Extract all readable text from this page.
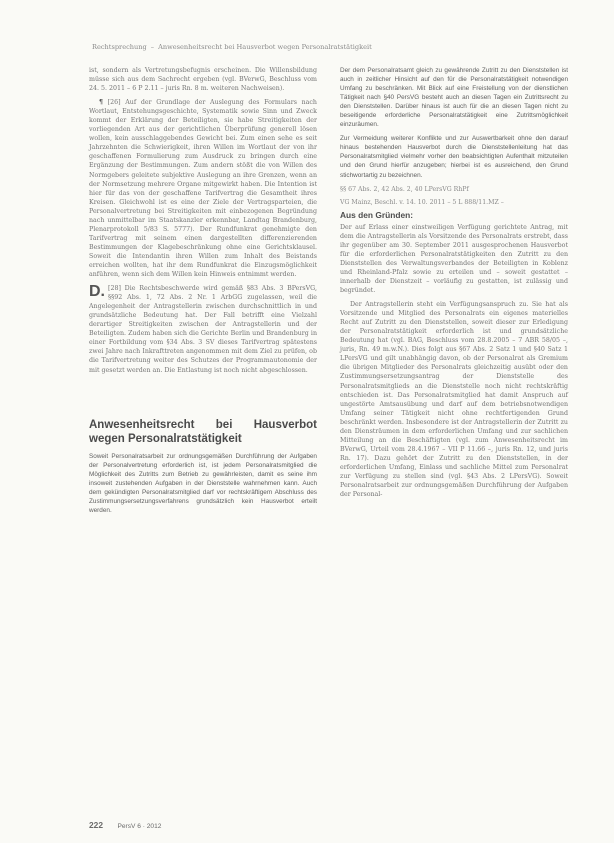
Rechtsprechung – Anwesenheitsrecht bei Hausverbot wegen Personalratstätigkeit

ist, sondern als Vertretungsbefugnis erscheinen. Die Willensbildung müsse sich aus dem Sachrecht ergeben (vgl. BVerwG, Beschluss vom 24. 5. 2011 – 6 P 2.11 – juris Rn. 8 m. weiteren Nachweisen).

¶ [26] Auf der Grundlage der Auslegung des Formulars nach Wortlaut, Entstehungsgeschichte, Systematik sowie Sinn und Zweck kommt der Erklärung der Beteiligten, sie habe Streitigkeiten der vorliegenden Art aus der gerichtlichen Überprüfung generell lösen wollen, kein ausschlaggebendes Gewicht bei. Zum einen sehe es seit Jahrzehnten die Schwierigkeit, ihren Willen im Wortlaut der von ihr geschaffenen Formulierung zum Ausdruck zu bringen durch eine Ergänzung der Bestimmungen. Zum andern stößt die von Willen des Normgebers geleitete subjektive Auslegung an ihre Grenzen, wenn an der Normsetzung mehrere Organe mitgewirkt haben. Die Intention ist hier für das von der geschaffene Tarifvertrag die Gesamtheit ihres Kreisen. Gleichwohl ist es eine der Ziele der Vertragsparteien, die Personalvertretung bei Streitigkeiten mit einbezogenen Begründung nach unmittelbar im Staatskanzler erkennbar, Landtag Brandenburg, Plenarprotokoll 5/83 S. 5777). Der Rundfunkrat genehmigte den Tarifvertrag mit seinem einen dargestellten differenzierenden Bestimmungen der Klagebeschränkung ohne eine Gerichtsklausel. Soweit die Intendantin ihren Willen zum Inhalt des Beistands erreichen wollten, hat ihr dem Rundfunkrat die Einzugsmöglichkeit anführen, wenn sich dem Willen kein Hinweis entnimmt werden.

D. [28] Die Rechtsbeschwerde wird gemäß §83 Abs. 3 BPersVG, §§92 Abs. 1, 72 Abs. 2 Nr. 1 ArbGG zugelassen, weil die Angelegenheit der Antragstellerin zwischen durchschnittlich in und grundsätzliche Bedeutung hat. Der Fall betrifft eine Vielzahl derartiger Streitigkeiten zwischen der Antragstellerin und der Beteiligten. Zudem haben sich die Gerichte Berlin und Brandenburg in einer Fortbildung vom §34 Abs. 3 SV dieses Tarifvertrag spätestens zwei Jahre nach Inkrafttreten angenommen mit dem Ziel zu prüfen, ob die Tarifvertretung weiter des Schutzes der Programmautonomie der mit gesetzt werden an. Die Entlastung ist noch nicht abgeschlossen.

Anwesenheitsrecht bei Hausverbot wegen Personalratstätigkeit

Soweit Personalratsarbeit zur ordnungsgemäßen Durchführung der Aufgaben der Personalvertretung erforderlich ist, ist jedem Personalratsmitglied die Möglichkeit des Zutritts zum Betrieb zu gewährleisten, damit es seine ihm insoweit zustehenden Aufgaben in der Dienststelle wahrnehmen kann. Auch dem gekündigten Personalratsmitglied darf vor rechtskräftigem Abschluss des Zustimmungsersetzungsverfahrens grundsätzlich kein Hausverbot erteilt werden.

Der dem Personalratsamt gleich zu gewährende Zutritt zu den Dienststellen ist auch in zeitlicher Hinsicht auf den für die Personalratstätigkeit notwendigen Umfang zu beschränken. Mit Blick auf eine Freistellung von der dienstlichen Tätigkeit nach §40 PersVG besteht auch an diesen Tagen ein Zutrittsrecht zu den Dienststellen. Darüber hinaus ist auch für die an diesen Tagen nicht zu beseitigende erforderliche Personalratstätigkeit eine Zutrittsmöglichkeit einzuräumen.

Zur Vermeidung weiterer Konflikte und zur Auswertbarkeit ohne den darauf hinaus bestehenden Hausverbot durch die Dienststellenleitung hat das Personalratsmitglied vielmehr vorher den beabsichtigten Aufenthalt mitzuteilen und den Grund hierfür anzugeben; hierbei ist es ausreichend, den Grund stichwortartig zu bezeichnen.

§§ 67 Abs. 2, 42 Abs. 2, 40 LPersVG RhPf
VG Mainz, Beschl. v. 14. 10. 2011 – 5 L 888/11.MZ –
Aus den Gründen:

Der auf Erlass einer einstweiligen Verfügung gerichtete Antrag, mit dem die Antragstellerin als Vorsitzende des Personalrats erstrebt, dass ihr gegenüber am 30. September 2011 ausgesprochenen Hausverbot für die erforderlichen Personalratstätigkeiten den Zutritt zu den Dienststellen des Verwaltungsverbandes der Beteiligten in Koblenz und Rheinland-Pfalz sowie zu erteilen und – soweit gestattet – innerhalb der Dienstzeit – vorläufig zu gestatten, ist zulässig und begründet.

Der Antragstellerin steht ein Verfügungsanspruch zu. Sie hat als Vorsitzende und Mitglied des Personalrats ein eigenes materielles Recht auf Zutritt zu den Dienststellen, soweit dieser zur Erledigung der Personalratstätigkeit erforderlich ist und grundsätzliche Bedeutung hat (vgl. BAG, Beschluss vom 28.8.2005 – 7 ABR 58/05 –, juris, Rn. 49 m.w.N.). Dies folgt aus §67 Abs. 2 Satz 1 und §40 Satz 1 LPersVG und gilt unabhängig davon, ob der Personalrat als Gremium die übrigen Mitglieder des Personalrats gleichzeitig ausübt oder den Zustimmungsersetzungsantrag der Dienststelle des Personalratsmitglieds an die Dienststelle noch nicht rechtskräftig entschieden ist. Das Personalratsmitglied hat damit Anspruch auf ungestörte Amtsausübung und darf auf dem betriebsnotwendigen Umfang seiner Tätigkeit nicht ohne rechtfertigenden Grund beschränkt werden. Insbesondere ist der Antragstellerin der Zutritt zu den Diensträumen in dem erforderlichen Umfang und zur sachlichen Mitteilung an die Beschäftigten (vgl. zum Anwesenheitsrecht im BVerwG, Urteil vom 28.4.1967 – VII P 11.66 –, juris Rn. 12, und juris Rn. 17). Dazu gehört der Zutritt zu den Dienststellen, in der erforderlichen Umfang, Einlass und sachliche Mittel zum Personalrat zur Verfügung zu stellen sind (vgl. §43 Abs. 2 LPersVG). Soweit Personalratsarbeit zur ordnungsgemäßen Durchführung der Aufgaben der Personal-

222 PersV 6 · 2012
